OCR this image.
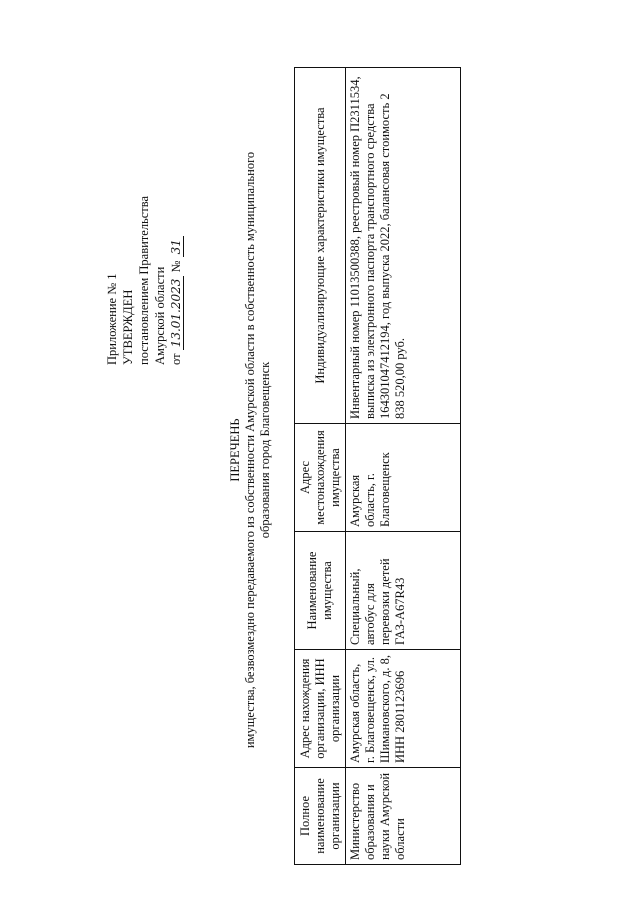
Приложение № 1 УТВЕРЖДЕН постановлением Правительства Амурской области от 13.01.2023 № 31
ПЕРЕЧЕНЬ имущества, безвозмездно передаваемого из собственности Амурской области в собственность муниципального образования город Благовещенск
Полное наименование организации	Адрес нахождения организации, ИНН организации	Наименование имущества	Адрес местонахождения имущества	Индивидуализирующие характеристики имущества
Министерство образования и науки Амурской области	Амурская область, г. Благовещенск, ул. Шимановского, д. 8, ИНН 2801123696	Специальный, автобус для перевозки детей ГАЗ-А67R43	Амурская область, г. Благовещенск	Инвентарный номер 11013500388, реестровый номер П2311534, выписка из электронного паспорта транспортного средства 164301047412194, год выпуска 2022, балансовая стоимость 2 838 520,00 руб.
